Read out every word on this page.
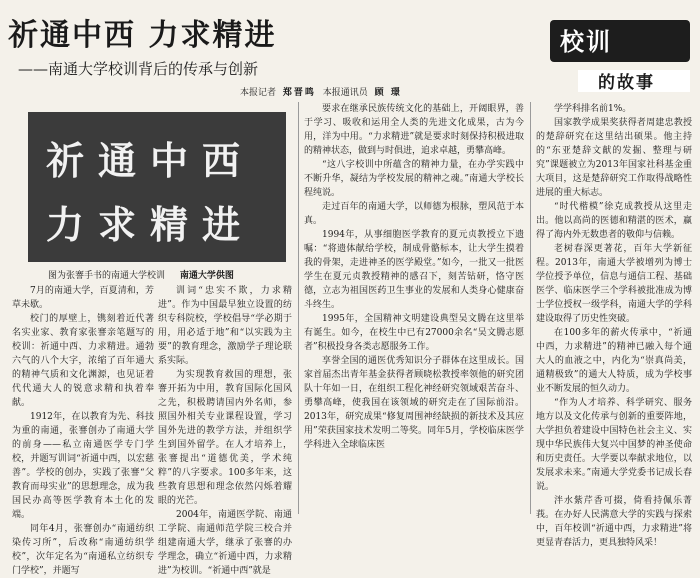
祈通中西 力求精进
——南通大学校训背后的传承与创新
本报记者 郑晋鸣 本报通讯员 顾 璟
校训
的故事
祈通中西
力求精进
图为张謇手书的南通大学校训 南通大学供图

7月的南通大学，百夏清和，芳草未歇。

校门的厚壁上，镌刻着近代著名实业家、教育家张謇亲笔题写的校训：祈通中西、力求精进。通勃六气的八个大字，浓缩了百年通大的精神气质和文化渊源，也见证着代代通大人的锐意求精和执着奉献。

1912年，在以教育为先、科技为重的南通，张謇创办了南通大学的前身——私立南通医学专门学校，并题写训词“祈通中西，以宏慈善”。学校的创办，实践了张謇“父教育而母实业”的思想理念，成为我国民办高等医学教育本土化的发端。

同年4月，张謇创办“南通纺织染传习所”，后改称“南通纺织学校”，次年定名为“南通私立纺织专门学校”，并题写

训词“忠实不欺，力求精进”。作为中国最早独立设置的纺织专科院校，学校倡导“学必期于用，用必适于地”和“以实践为主要”的教育理念，激励学子理论联系实际。

为实现教育救国的理想，张謇开拓为中用，教育国际化国风之先，积极聘请国内外名师，参照国外相关专业课程设置，学习国外先进的教学方法，并组织学生到国外留学。在人才培养上，张謇提出“道德优美，学术纯粹”的八字要求。100多年来，这些教育思想和理念依然闪烁着耀眼的光芒。

2004年，南通医学院、南通工学院、南通师范学院三校合并组建南通大学，继承了张謇的办学理念，确立“祈通中西，力求精进”为校训。“祈通中西”就是

要求在继承民族传统文化的基础上，开阔眼界，善于学习、吸收和运用全人类的先进文化成果，古为今用，洋为中用。“力求精进”就是要求时刻保持积极进取的精神状态，做到与时俱进，追求卓越，勇攀高峰。

“这八字校训中所蕴含的精神力量，在办学实践中不断升华，凝结为学校发展的精神之魂。”南通大学校长程纯说。

走过百年的南通大学，以师德为根脉，塑风范于本真。

1994年，从事细胞医学教育的夏元贞教授立下遗嘱：“将遗体献给学校，制成骨骼标本，让大学生摸着我的骨架，走进神圣的医学殿堂。”如今，一批又一批医学生在夏元贞教授精神的感召下，刻苦钻研，恪守医德，立志为祖国医药卫生事业的发展和人类身心健康奋斗终生。

1995年，全国精神文明建设典型吴文腾在这里举有诞生。如今，在校生中已有27000余名“吴文腾志愿者”积极投身各类志愿服务工作。

享誉全国的通医优秀知识分子群体在这里成长。国家首届杰出青年基金获得者顾晓松教授率领他的研究团队十年如一日，在组织工程化神经研究领域艰苦奋斗、勇攀高峰，使我国在该领域的研究走在了国际前沿。2013年，研究成果“修复周围神经缺损的新技术及其应用”荣获国家技术发明二等奖。同年5月，学校临床医学学科进入全球临床医

学学科排名前1%。

国家教学成果奖获得者周建忠教授的楚辞研究在这里结出硕果。他主持的“东亚楚辞文献的发掘、整理与研究”课题被立为2013年国家社科基金重大项目，这是楚辞研究工作取得战略性进展的重大标志。

“时代楷模”徐克成教授从这里走出。他以高尚的医德和精湛的医术，赢得了海内外无数患者的敬仰与信赖。

老树春深更著花，百年大学新征程。2013年，南通大学被增列为博士学位授予单位，信息与通信工程、基础医学、临床医学三个学科被批准成为博士学位授权一级学科，南通大学的学科建设取得了历史性突破。

在100多年的薪火传承中，“祈通中西，力求精进”的精神已融入每个通大人的血液之中，内化为“崇真尚美，通精极致”的通大人特质，成为学校事业不断发展的恒久动力。

“作为人才培养、科学研究、服务地方以及文化传承与创新的重要阵地，大学担负着建设中国特色社会主义、实现中华民族伟大复兴中国梦的神圣使命和历史责任。大学要以奉献求地位，以发展求未来。”南通大学党委书记成长春说。

泮水紫芹香可掇，倚看持佩乐菁莪。在办好人民满意大学的实践与探索中，百年校训“祈通中西，力求精进”将更显青春活力，更具独特风采！
